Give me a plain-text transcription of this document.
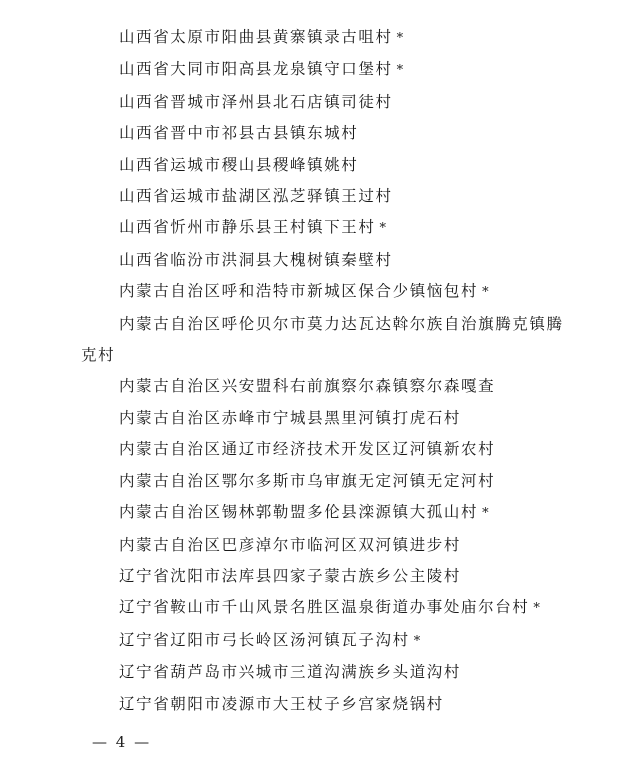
山西省太原市阳曲县黄寨镇录古咀村 *
山西省大同市阳高县龙泉镇守口堡村 *
山西省晋城市泽州县北石店镇司徒村
山西省晋中市祁县古县镇东城村
山西省运城市稷山县稷峰镇姚村
山西省运城市盐湖区泓芝驿镇王过村
山西省忻州市静乐县王村镇下王村 *
山西省临汾市洪洞县大槐树镇秦壁村
内蒙古自治区呼和浩特市新城区保合少镇恼包村 *
内蒙古自治区呼伦贝尔市莫力达瓦达斡尔族自治旗腾克镇腾
克村
内蒙古自治区兴安盟科右前旗察尔森镇察尔森嘎查
内蒙古自治区赤峰市宁城县黑里河镇打虎石村
内蒙古自治区通辽市经济技术开发区辽河镇新农村
内蒙古自治区鄂尔多斯市乌审旗无定河镇无定河村
内蒙古自治区锡林郭勒盟多伦县滦源镇大孤山村 *
内蒙古自治区巴彦淖尔市临河区双河镇进步村
辽宁省沈阳市法库县四家子蒙古族乡公主陵村
辽宁省鞍山市千山风景名胜区温泉街道办事处庙尔台村 *
辽宁省辽阳市弓长岭区汤河镇瓦子沟村 *
辽宁省葫芦岛市兴城市三道沟满族乡头道沟村
辽宁省朝阳市凌源市大王杖子乡宫家烧锅村
— 4 —
